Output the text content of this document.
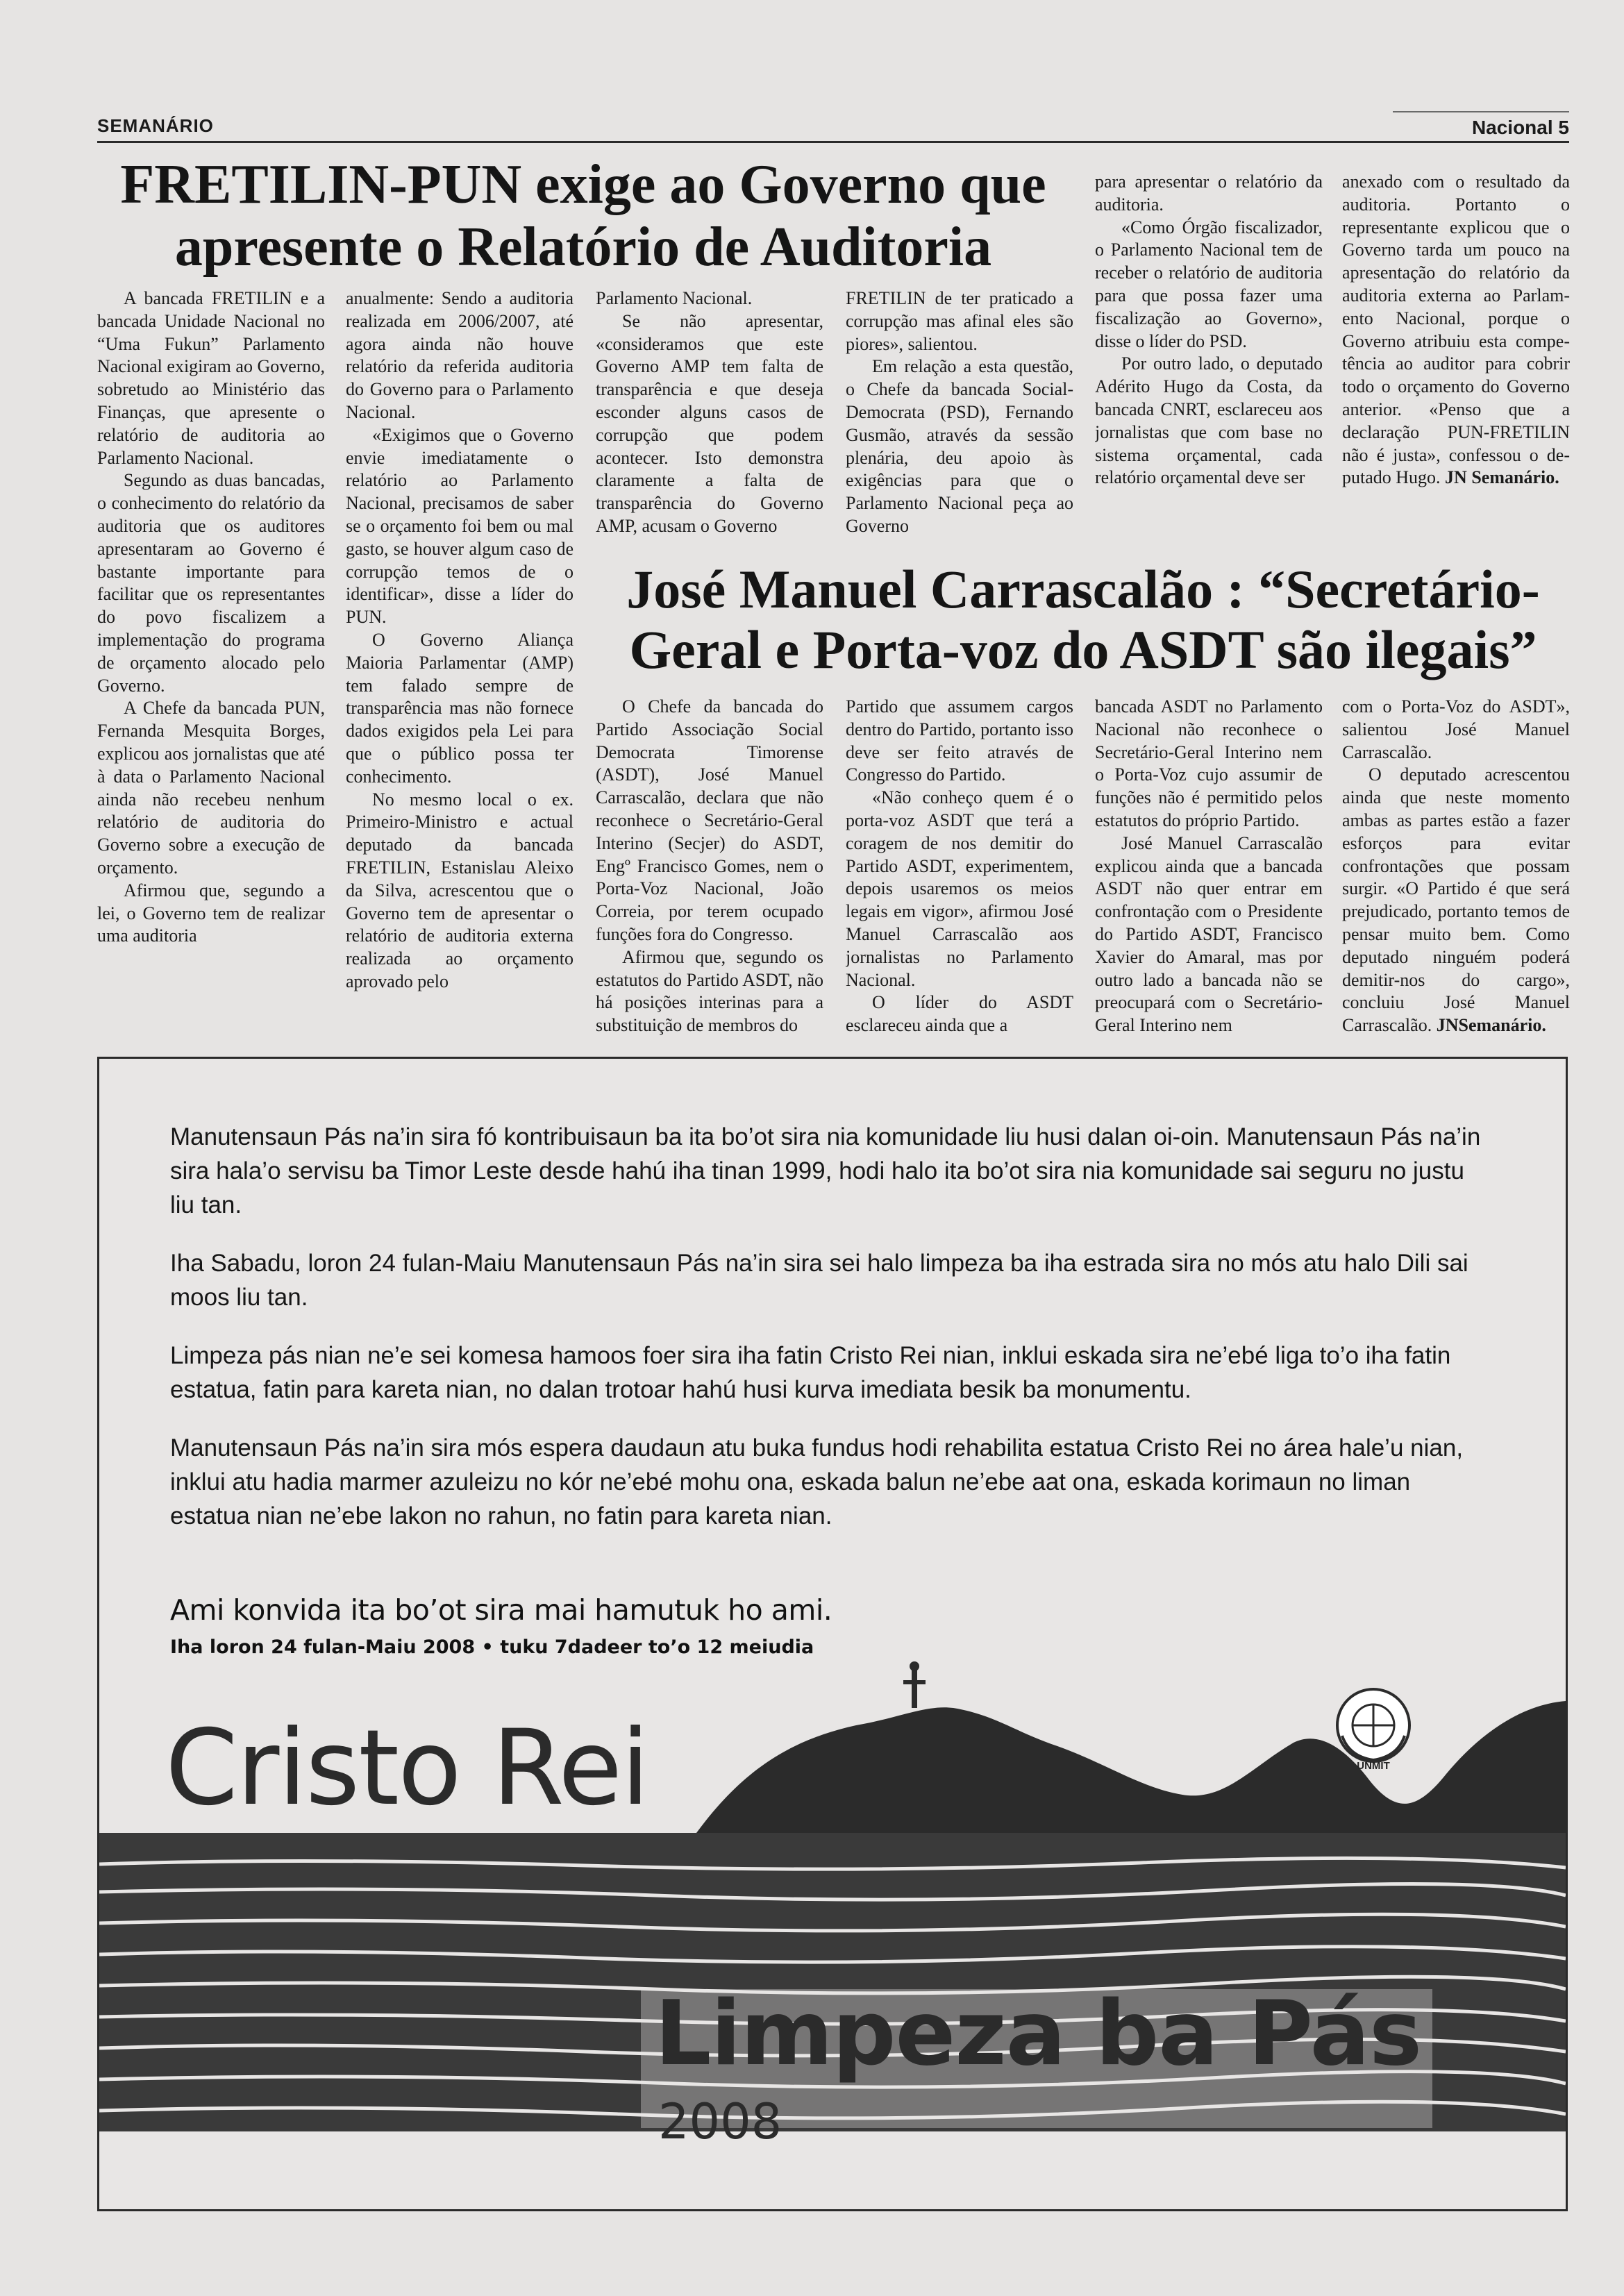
SEMANÁRIO	Nacional 5
FRETILIN-PUN exige ao Governo que
apresente o Relatório de Auditoria

A bancada FRETILIN e a bancada Unidade Nacional no “Uma Fukun” Parlamento Nacional exigiram ao Governo, sobretudo ao Ministério das Finanças, que apresente o relatório de auditoria ao Parlamento Nacional.

Segundo as duas bancadas, o conhecimento do relatório da auditoria que os auditores apresentaram ao Governo é bastante importante para facilitar que os representantes do povo fiscalizem a implementação do programa de orçamento alocado pelo Governo.

A Chefe da bancada PUN, Fernanda Mesquita Borges, explicou aos jornalistas que até à data o Parlamento Nacional ainda não recebeu nenhum relatório de auditoria do Governo sobre a execução de orçamento.

Afirmou que, segundo a lei, o Governo tem de realizar uma auditoria

anualmente: Sendo a auditoria realizada em 2006/2007, até agora ainda não houve relatório da referida auditoria do Governo para o Parlamento Nacional.

«Exigimos que o Governo envie imediatamente o relatório ao Parlamento Nacional, precisamos de saber se o orçamento foi bem ou mal gasto, se houver algum caso de corrupção temos de o identificar», disse a líder do PUN.

O Governo Aliança Maioria Parlamentar (AMP) tem falado sempre de transparência mas não fornece dados exigidos pela Lei para que o público possa ter conhecimento.

No mesmo local o ex. Primeiro-Ministro e actual deputado da bancada FRETILIN, Estanislau Aleixo da Silva, acrescentou que o Governo tem de apresentar o relatório de auditoria externa realizada ao orçamento aprovado pelo

Parlamento Nacional.

Se não apresentar, «consideramos que este Governo AMP tem falta de transparência e que deseja esconder alguns casos de corrupção que podem acontecer. Isto demonstra claramente a falta de transparência do Governo AMP, acusam o Governo

FRETILIN de ter praticado a corrupção mas afinal eles são piores», salientou.

Em relação a esta questão, o Chefe da bancada Social-Democrata (PSD), Fernando Gusmão, através da sessão plenária, deu apoio às exigências para que o Parlamento Nacional peça ao Governo

para apresentar o relatório da auditoria.

«Como Órgão fiscalizador, o Parlamento Nacional tem de receber o relatório de auditoria para que possa fazer uma fiscalização ao Governo», disse o líder do PSD.

Por outro lado, o deputado Adérito Hugo da Costa, da bancada CNRT, esclareceu aos jornalistas que com base no sistema orçamental, cada relatório orçamental deve ser

anexado com o resultado da auditoria. Portanto o representante explicou que o Governo tarda um pouco na apresentação do relatório da auditoria externa ao Parlam-ento Nacional, porque o Governo atribuiu esta compe-tência ao auditor para cobrir todo o orçamento do Governo anterior. «Penso que a declaração PUN-FRETILIN não é justa», confessou o de-putado Hugo. JN Semanário.

José Manuel Carrascalão : “Secretário-
Geral e Porta-voz do ASDT são ilegais”

O Chefe da bancada do Partido Associação Social Democrata Timorense (ASDT), José Manuel Carrascalão, declara que não reconhece o Secretário-Geral Interino (Secjer) do ASDT, Engº Francisco Gomes, nem o Porta-Voz Nacional, João Correia, por terem ocupado funções fora do Congresso.

Afirmou que, segundo os estatutos do Partido ASDT, não há posições interinas para a substituição de membros do

Partido que assumem cargos dentro do Partido, portanto isso deve ser feito através de Congresso do Partido.

«Não conheço quem é o porta-voz ASDT que terá a coragem de nos demitir do Partido ASDT, experimentem, depois usaremos os meios legais em vigor», afirmou José Manuel Carrascalão aos jornalistas no Parlamento Nacional.

O líder do ASDT esclareceu ainda que a

bancada ASDT no Parlamento Nacional não reconhece o Secretário-Geral Interino nem o Porta-Voz cujo assumir de funções não é permitido pelos estatutos do próprio Partido.

José Manuel Carrascalão explicou ainda que a bancada ASDT não quer entrar em confrontação com o Presidente do Partido ASDT, Francisco Xavier do Amaral, mas por outro lado a bancada não se preocupará com o Secretário-Geral Interino nem

com o Porta-Voz do ASDT», salientou José Manuel Carrascalão.

O deputado acrescentou ainda que neste momento ambas as partes estão a fazer esforços para evitar confrontações que possam surgir. «O Partido é que será prejudicado, portanto temos de pensar muito bem. Como deputado ninguém poderá demitir-nos do cargo», concluiu José Manuel Carrascalão. JNSemanário.

Manutensaun Pás na’in sira fó kontribuisaun ba ita bo’ot sira nia komunidade liu husi dalan oi-oin. Manutensaun Pás na’in sira hala’o servisu ba Timor Leste desde hahú iha tinan 1999, hodi halo ita bo’ot sira nia komunidade sai seguru no justu liu tan.

Iha Sabadu, loron 24 fulan-Maiu Manutensaun Pás na’in sira sei halo limpeza ba iha estrada sira no mós atu halo Dili sai moos liu tan.

Limpeza pás nian ne’e sei komesa hamoos foer sira iha fatin Cristo Rei nian, inklui eskada sira ne’ebé liga to’o iha fatin estatua, fatin para kareta nian, no dalan trotoar hahú husi kurva imediata besik ba monumentu.

Manutensaun Pás na’in sira mós espera daudaun atu buka fundus hodi rehabilita estatua Cristo Rei no área hale’u nian, inklui atu hadia marmer azuleizu no kór ne’ebé mohu ona, eskada balun ne’ebe aat ona, eskada korimaun no liman estatua nian ne’ebe lakon no rahun, no fatin para kareta nian.

Ami konvida ita bo’ot sira mai hamutuk ho ami.
Iha loron 24 fulan-Maiu 2008 • tuku 7dadeer to’o 12 meiudia
UNMIT
Cristo Rei
Limpeza ba Pás
2008
